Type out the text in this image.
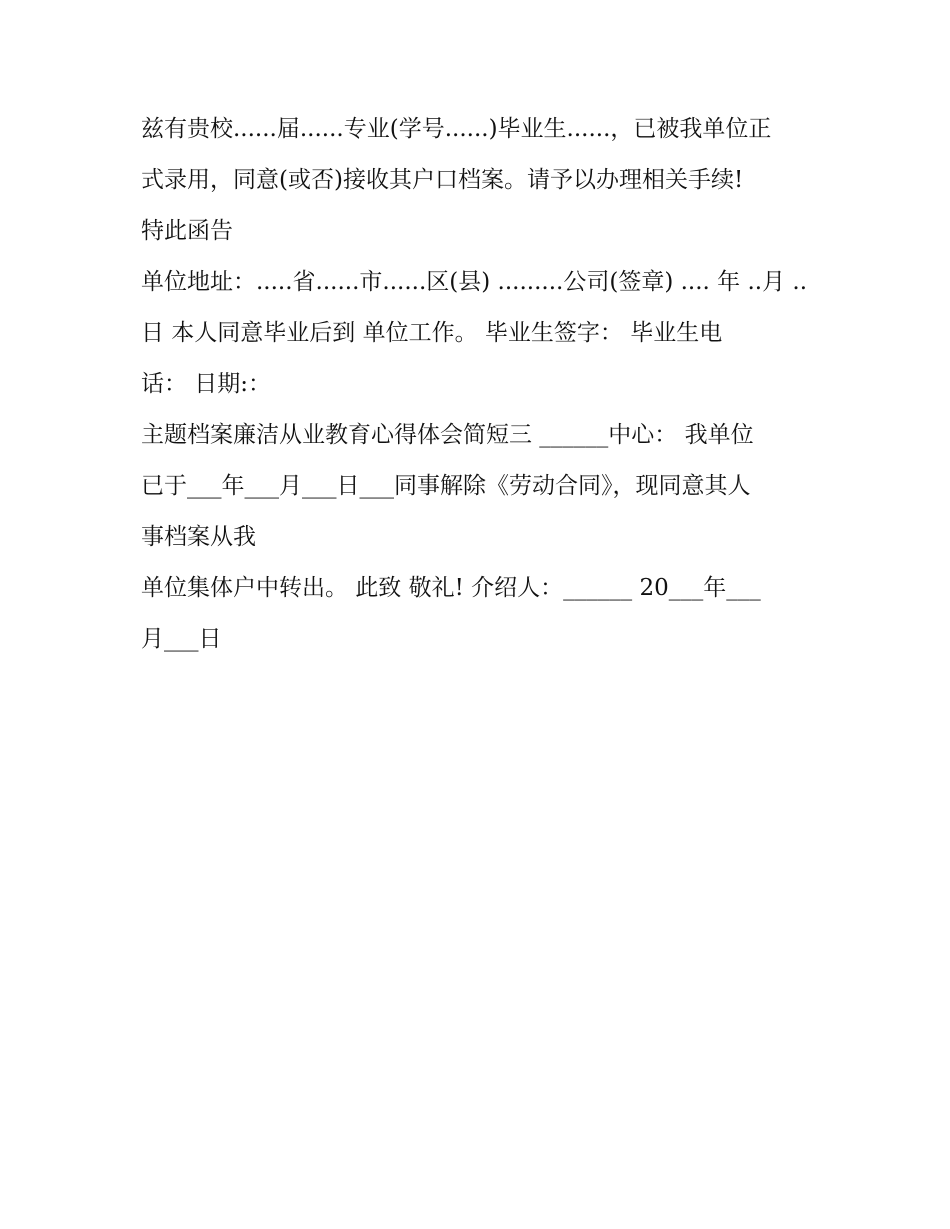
兹有贵校......届......专业(学号......)毕业生......，已被我单位正
式录用，同意(或否)接收其户口档案。请予以办理相关手续!
特此函告
单位地址：.....省......市......区(县) .........公司(签章) .... 年 ..月 ..
日 本人同意毕业后到 单位工作。 毕业生签字： 毕业生电
话： 日期:：
主题档案廉洁从业教育心得体会简短三 ______中心： 我单位
已于___年___月___日___同事解除《劳动合同》，现同意其人
事档案从我
单位集体户中转出。 此致 敬礼! 介绍人：______ 20___年___
月___日
